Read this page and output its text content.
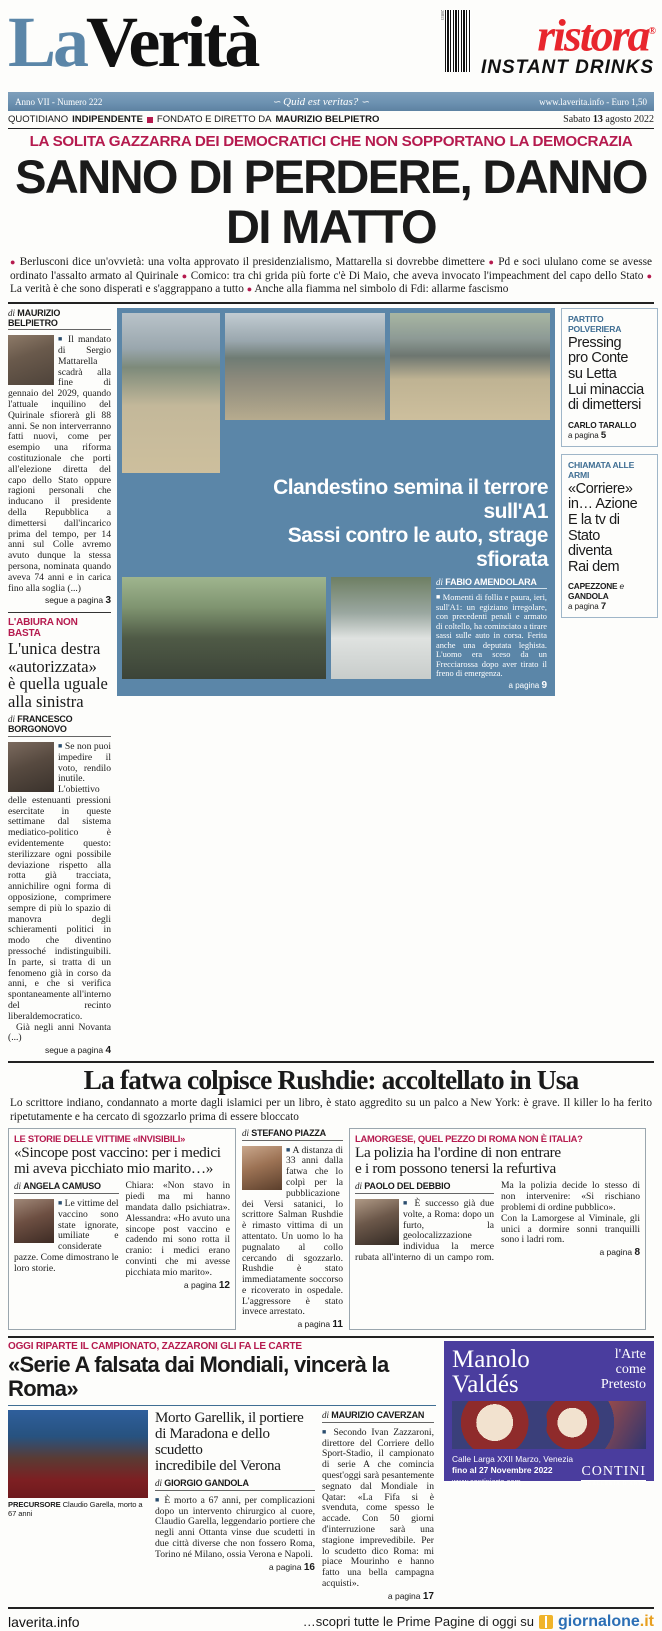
LaVerità	20813	ristora®
INSTANT DRINKS
Anno VII - Numero 222	∽ Quid est veritas? ∽	www.laverita.info - Euro 1,50
QUOTIDIANO INDIPENDENTE FONDATO E DIRETTO DA MAURIZIO BELPIETRO	Sabato 13 agosto 2022
LA SOLITA GAZZARRA DEI DEMOCRATICI CHE NON SOPPORTANO LA DEMOCRAZIA
SANNO DI PERDERE, DANNO DI MATTO
● Berlusconi dice un'ovvietà: una volta approvato il presidenzialismo, Mattarella si dovrebbe dimettere ● Pd e soci ululano come se avesse ordinato l'assalto armato al Quirinale ● Comico: tra chi grida più forte c'è Di Maio, che aveva invocato l'impeachment del capo dello Stato ● La verità è che sono disperati e s'aggrappano a tutto ● Anche alla fiamma nel simbolo di Fdi: allarme fascismo
di MAURIZIO BELPIETRO
■ Il mandato di Sergio Mattarella scadrà alla fine di gennaio del 2029, quando l'attuale inquilino del Quirinale sfiorerà gli 88 anni. Se non interverranno fatti nuovi, come per esempio una riforma costituzionale che porti all'elezione diretta del capo dello Stato oppure ragioni personali che inducano il presidente della Repubblica a dimettersi dall'incarico prima del tempo, per 14 anni sul Colle avremo avuto dunque la stessa persona, nominata quando aveva 74 anni e in carica fino alla soglia (...)
segue a pagina 3
L'ABIURA NON BASTA
L'unica destra
«autorizzata»
è quella uguale
alla sinistra
di FRANCESCO BORGONOVO
■ Se non puoi impedire il voto, rendilo inutile. L'obiettivo delle estenuanti pressioni esercitate in queste settimane dal sistema mediatico-politico è evidentemente questo: sterilizzare ogni possibile deviazione rispetto alla rotta già tracciata, annichilire ogni forma di opposizione, comprimere sempre di più lo spazio di manovra degli schieramenti politici in modo che diventino pressoché indistinguibili. In parte, si tratta di un fenomeno già in corso da anni, e che si verifica spontaneamente all'interno del recinto liberaldemocratico.
Già negli anni Novanta (...)
segue a pagina 4
Clandestino semina il terrore sull'A1
Sassi contro le auto, strage sfiorata
di FABIO AMENDOLARA
■ Momenti di follia e paura, ieri, sull'A1: un egiziano irregolare, con precedenti penali e armato di coltello, ha cominciato a tirare sassi sulle auto in corsa. Ferita anche una deputata leghista. L'uomo era sceso da un Frecciarossa dopo aver tirato il freno di emergenza.
a pagina 9
PARTITO POLVERIERA
Pressing
pro Conte
su Letta
Lui minaccia
di dimettersi
CARLO TARALLO
a pagina 5
CHIAMATA ALLE ARMI
«Corriere»
in… Azione
E la tv di Stato
diventa
Rai dem
CAPEZZONE e GANDOLA
a pagina 7
La fatwa colpisce Rushdie: accoltellato in Usa
Lo scrittore indiano, condannato a morte dagli islamici per un libro, è stato aggredito su un palco a New York: è grave. Il killer lo ha ferito ripetutamente e ha cercato di sgozzarlo prima di essere bloccato
LE STORIE DELLE VITTIME «INVISIBILI»
«Sincope post vaccino: per i medici
mi aveva picchiato mio marito…»
di ANGELA CAMUSO
■ Le vittime del vaccino sono state ignorate, umiliate e considerate pazze. Come dimostrano le loro storie.
Chiara: «Non stavo in piedi ma mi hanno mandata dallo psichiatra». Alessandra: «Ho avuto una sincope post vaccino e cadendo mi sono rotta il cranio: i medici erano convinti che mi avesse picchiata mio marito».
a pagina 12
di STEFANO PIAZZA
■ A distanza di 33 anni dalla fatwa che lo colpì per la pubblicazione dei Versi satanici, lo scrittore Salman Rushdie è rimasto vittima di un attentato. Un uomo lo ha pugnalato al collo cercando di sgozzarlo. Rushdie è stato immediatamente soccorso e ricoverato in ospedale. L'aggressore è stato invece arrestato.
a pagina 11
LAMORGESE, QUEL PEZZO DI ROMA NON È ITALIA?
La polizia ha l'ordine di non entrare
e i rom possono tenersi la refurtiva
di PAOLO DEL DEBBIO
■ È successo già due volte, a Roma: dopo un furto, la geolocalizzazione individua la merce rubata all'interno di un campo rom. Ma la polizia decide lo stesso di non intervenire: «Si rischiano problemi di ordine pubblico».
Con la Lamorgese al Viminale, gli unici a dormire sonni tranquilli sono i ladri rom.
a pagina 8
OGGI RIPARTE IL CAMPIONATO, ZAZZARONI GLI FA LE CARTE
«Serie A falsata dai Mondiali, vincerà la Roma»
PRECURSORE Claudio Garella, morto a 67 anni
Morto Garellik, il portiere
di Maradona e dello scudetto
incredibile del Verona
di GIORGIO GANDOLA
■ È morto a 67 anni, per complicazioni dopo un intervento chirurgico al cuore, Claudio Garella, leggendario portiere che negli anni Ottanta vinse due scudetti in due città diverse che non fossero Roma, Torino né Milano, ossia Verona e Napoli.
a pagina 16
di MAURIZIO CAVERZAN
■ Secondo Ivan Zazzaroni, direttore del Corriere dello Sport-Stadio, il campionato di serie A che comincia quest'oggi sarà pesantemente segnato dal Mondiale in Qatar: «La Fifa si è svenduta, come spesso le accade. Con 50 giorni d'interruzione sarà una stagione imprevedibile. Per lo scudetto dico Roma: mi piace Mourinho e hanno fatto una bella campagna acquisti».
a pagina 17
Manolo
Valdés
l'Arte
come
Pretesto
Calle Larga XXII Marzo, Venezia
fino al 27 Novembre 2022
www.continiarte.com
CONTINI
GALLERIA D'ARTE
laverita.info	…scopri tutte le Prime Pagine di oggi su giornalone.it
